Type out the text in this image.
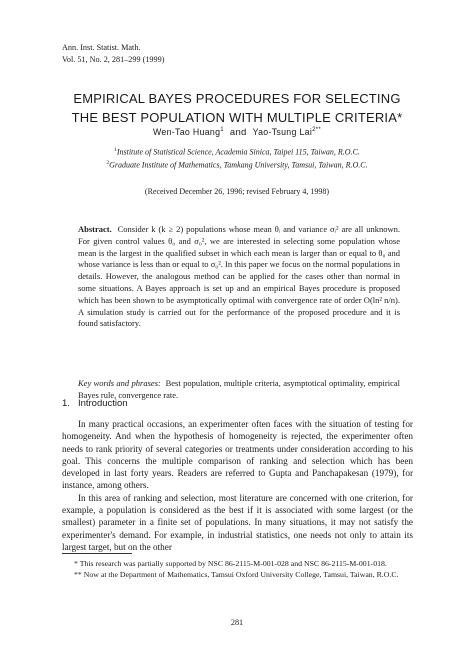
Ann. Inst. Statist. Math.
Vol. 51, No. 2, 281–299 (1999)
EMPIRICAL BAYES PROCEDURES FOR SELECTING
THE BEST POPULATION WITH MULTIPLE CRITERIA*
Wen-Tao Huang$^1$ and Yao-Tsung Lai$^{2**}$
$^1$Institute of Statistical Science, Academia Sinica, Taipei 115, Taiwan, R.O.C.
$^2$Graduate Institute of Mathematics, Tamkang University, Tamsui, Taiwan, R.O.C.
(Received December 26, 1996; revised February 4, 1998)
Abstract. Consider k (k ≥ 2) populations whose mean θᵢ and variance σᵢ² are all unknown. For given control values θ₀ and σ₀², we are interested in selecting some population whose mean is the largest in the qualified subset in which each mean is larger than or equal to θ₀ and whose variance is less than or equal to σ₀². In this paper we focus on the normal populations in details. However, the analogous method can be applied for the cases other than normal in some situations. A Bayes approach is set up and an empirical Bayes procedure is proposed which has been shown to be asymptotically optimal with convergence rate of order O(ln² n/n). A simulation study is carried out for the performance of the proposed procedure and it is found satisfactory.
Key words and phrases: Best population, multiple criteria, asymptotical optimality, empirical Bayes rule, convergence rate.
1. Introduction

In many practical occasions, an experimenter often faces with the situation of testing for homogeneity. And when the hypothesis of homogeneity is rejected, the experimenter often needs to rank priority of several categories or treatments under consideration according to his goal. This concerns the multiple comparison of ranking and selection which has been developed in last forty years. Readers are referred to Gupta and Panchapakesan (1979), for instance, among others.

In this area of ranking and selection, most literature are concerned with one criterion, for example, a population is considered as the best if it is associated with some largest (or the smallest) parameter in a finite set of populations. In many situations, it may not satisfy the experimenter's demand. For example, in industrial statistics, one needs not only to attain its largest target, but on the other

* This research was partially supported by NSC 86-2115-M-001-028 and NSC 86-2115-M-001-018.

** Now at the Department of Mathematics, Tamsui Oxford University College, Tamsui, Taiwan, R.O.C.

281
